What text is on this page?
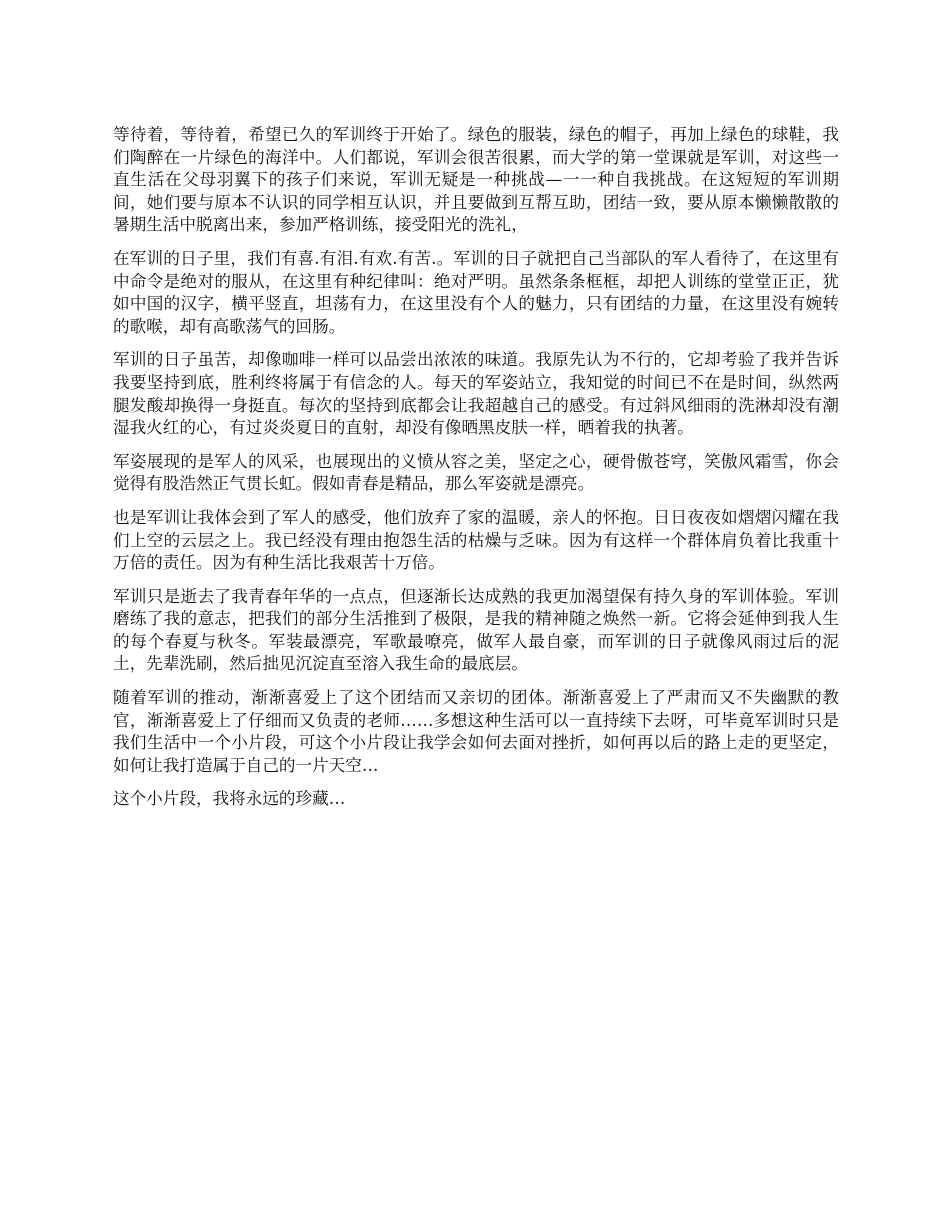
等待着，等待着，希望已久的军训终于开始了。绿色的服装，绿色的帽子，再加上绿色的球鞋，我们陶醉在一片绿色的海洋中。人们都说，军训会很苦很累，而大学的第一堂课就是军训，对这些一直生活在父母羽翼下的孩子们来说，军训无疑是一种挑战—一一种自我挑战。在这短短的军训期间，她们要与原本不认识的同学相互认识，并且要做到互帮互助，团结一致，要从原本懒懒散散的暑期生活中脱离出来，参加严格训练，接受阳光的洗礼，

在军训的日子里，我们有喜.有泪.有欢.有苦.。军训的日子就把自己当部队的军人看待了，在这里有中命令是绝对的服从，在这里有种纪律叫：绝对严明。虽然条条框框，却把人训练的堂堂正正，犹如中国的汉字，横平竖直，坦荡有力，在这里没有个人的魅力，只有团结的力量，在这里没有婉转的歌喉，却有高歌荡气的回肠。

军训的日子虽苦，却像咖啡一样可以品尝出浓浓的味道。我原先认为不行的，它却考验了我并告诉我要坚持到底，胜利终将属于有信念的人。每天的军姿站立，我知觉的时间已不在是时间，纵然两腿发酸却换得一身挺直。每次的坚持到底都会让我超越自己的感受。有过斜风细雨的洗淋却没有潮湿我火红的心，有过炎炎夏日的直射，却没有像晒黑皮肤一样，晒着我的执著。

军姿展现的是军人的风采，也展现出的义愤从容之美，坚定之心，硬骨傲苍穹，笑傲风霜雪，你会觉得有股浩然正气贯长虹。假如青春是精品，那么军姿就是漂亮。

也是军训让我体会到了军人的感受，他们放弃了家的温暖，亲人的怀抱。日日夜夜如熠熠闪耀在我们上空的云层之上。我已经没有理由抱怨生活的枯燥与乏味。因为有这样一个群体肩负着比我重十万倍的责任。因为有种生活比我艰苦十万倍。

军训只是逝去了我青春年华的一点点，但逐渐长达成熟的我更加渴望保有持久身的军训体验。军训磨练了我的意志，把我们的部分生活推到了极限，是我的精神随之焕然一新。它将会延伸到我人生的每个春夏与秋冬。军装最漂亮，军歌最嘹亮，做军人最自豪，而军训的日子就像风雨过后的泥土，先辈洗刷，然后拙见沉淀直至溶入我生命的最底层。

随着军训的推动，渐渐喜爱上了这个团结而又亲切的团体。渐渐喜爱上了严肃而又不失幽默的教官，渐渐喜爱上了仔细而又负责的老师……多想这种生活可以一直持续下去呀，可毕竟军训时只是我们生活中一个小片段，可这个小片段让我学会如何去面对挫折，如何再以后的路上走的更坚定，如何让我打造属于自己的一片天空…

这个小片段，我将永远的珍藏…
